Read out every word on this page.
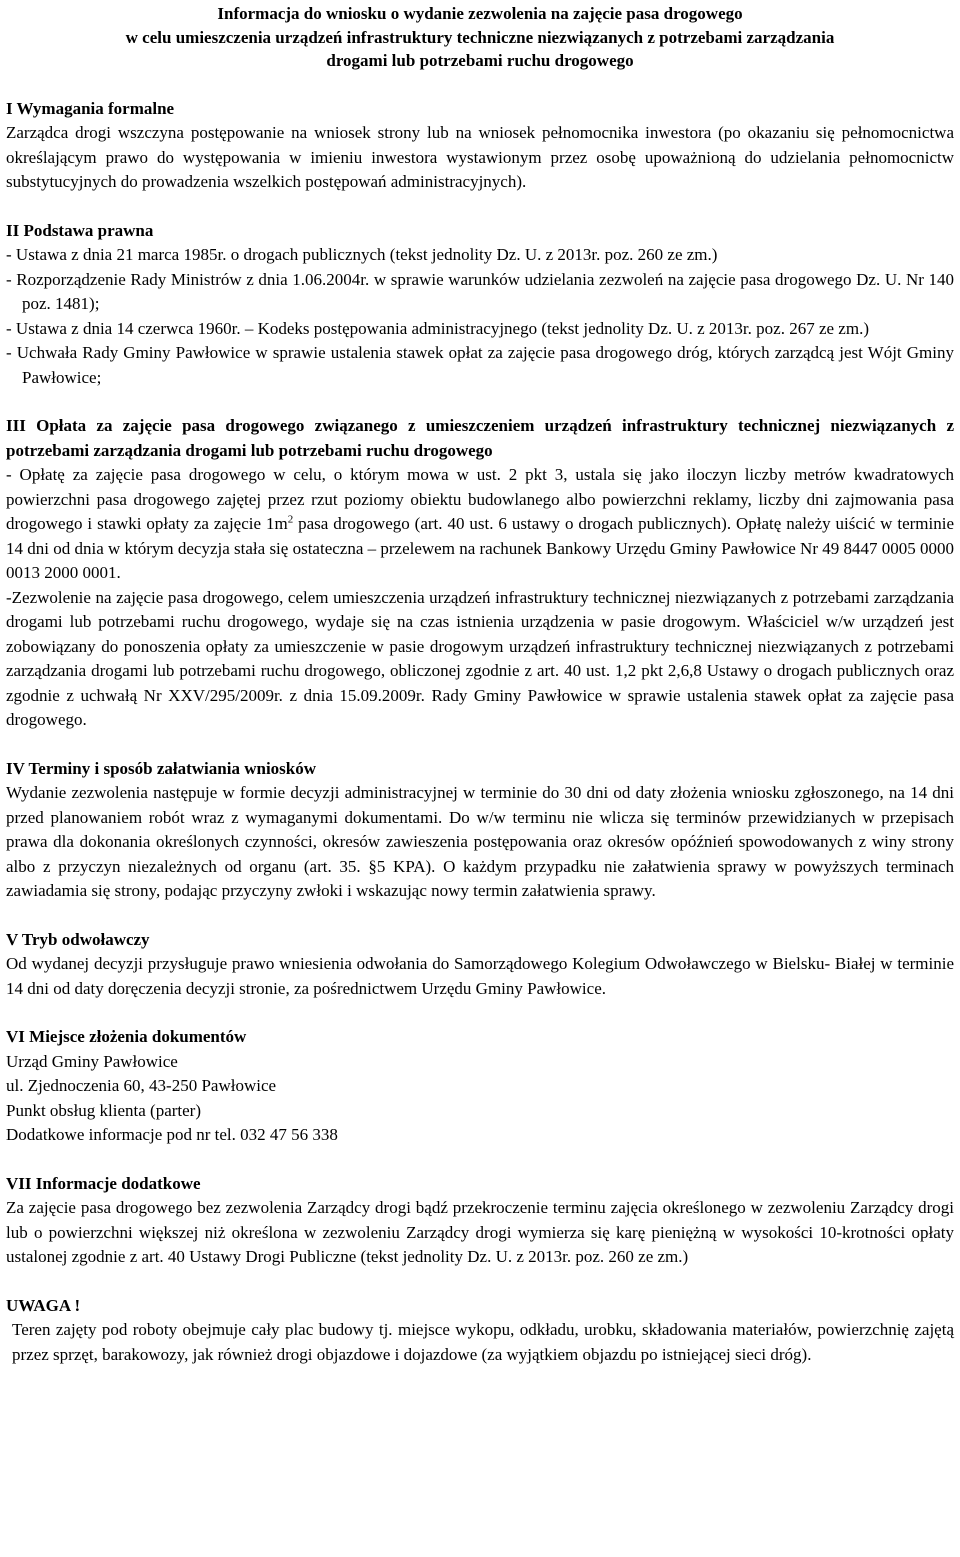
Informacja do wniosku o wydanie zezwolenia na zajęcie pasa drogowego
w celu umieszczenia urządzeń infrastruktury techniczne niezwiązanych z potrzebami zarządzania
drogami lub potrzebami ruchu drogowego
I Wymagania formalne
Zarządca drogi wszczyna postępowanie na wniosek strony lub na wniosek pełnomocnika inwestora (po okazaniu się pełnomocnictwa określającym prawo do występowania w imieniu inwestora wystawionym przez osobę upoważnioną do udzielania pełnomocnictw substytucyjnych do prowadzenia wszelkich postępowań administracyjnych).
II Podstawa prawna
- Ustawa z dnia 21 marca 1985r. o drogach publicznych (tekst jednolity Dz. U. z 2013r. poz. 260 ze zm.)
- Rozporządzenie Rady Ministrów z dnia 1.06.2004r. w sprawie warunków udzielania zezwoleń na zajęcie pasa drogowego Dz. U. Nr 140 poz. 1481);
- Ustawa z dnia 14 czerwca 1960r. – Kodeks postępowania administracyjnego (tekst jednolity Dz. U. z 2013r. poz. 267 ze zm.)
- Uchwała Rady Gminy Pawłowice w sprawie ustalenia stawek opłat za zajęcie pasa drogowego dróg, których zarządcą jest Wójt Gminy Pawłowice;
III Opłata za zajęcie pasa drogowego związanego z umieszczeniem urządzeń infrastruktury technicznej niezwiązanych z potrzebami zarządzania drogami lub potrzebami ruchu drogowego
- Opłatę za zajęcie pasa drogowego w celu, o którym mowa w ust. 2 pkt 3, ustala się jako iloczyn liczby metrów kwadratowych powierzchni pasa drogowego zajętej przez rzut poziomy obiektu budowlanego albo powierzchni reklamy, liczby dni zajmowania pasa drogowego i stawki opłaty za zajęcie $1m^2$ pasa drogowego (art. 40 ust. 6 ustawy o drogach publicznych). Opłatę należy uiścić w terminie 14 dni od dnia w którym decyzja stała się ostateczna – przelewem na rachunek Bankowy Urzędu Gminy Pawłowice Nr 49 8447 0005 0000 0013 2000 0001.
-Zezwolenie na zajęcie pasa drogowego, celem umieszczenia urządzeń infrastruktury technicznej niezwiązanych z potrzebami zarządzania drogami lub potrzebami ruchu drogowego, wydaje się na czas istnienia urządzenia w pasie drogowym. Właściciel w/w urządzeń jest zobowiązany do ponoszenia opłaty za umieszczenie w pasie drogowym urządzeń infrastruktury technicznej niezwiązanych z potrzebami zarządzania drogami lub potrzebami ruchu drogowego, obliczonej zgodnie z art. 40 ust. 1,2 pkt 2,6,8 Ustawy o drogach publicznych oraz zgodnie z uchwałą Nr XXV/295/2009r. z dnia 15.09.2009r. Rady Gminy Pawłowice w sprawie ustalenia stawek opłat za zajęcie pasa drogowego.
IV Terminy i sposób załatwiania wniosków
Wydanie zezwolenia następuje w formie decyzji administracyjnej w terminie do 30 dni od daty złożenia wniosku zgłoszonego, na 14 dni przed planowaniem robót wraz z wymaganymi dokumentami. Do w/w terminu nie wlicza się terminów przewidzianych w przepisach prawa dla dokonania określonych czynności, okresów zawieszenia postępowania oraz okresów opóźnień spowodowanych z winy strony albo z przyczyn niezależnych od organu (art. 35. §5 KPA). O każdym przypadku nie załatwienia sprawy w powyższych terminach zawiadamia się strony, podając przyczyny zwłoki i wskazując nowy termin załatwienia sprawy.
V Tryb odwoławczy
Od wydanej decyzji przysługuje prawo wniesienia odwołania do Samorządowego Kolegium Odwoławczego w Bielsku- Białej w terminie 14 dni od daty doręczenia decyzji stronie, za pośrednictwem Urzędu Gminy Pawłowice.
VI Miejsce złożenia dokumentów
Urząd Gminy Pawłowice
ul. Zjednoczenia 60, 43-250 Pawłowice
Punkt obsług klienta (parter)
Dodatkowe informacje pod nr tel. 032 47 56 338
VII Informacje dodatkowe
Za zajęcie pasa drogowego bez zezwolenia Zarządcy drogi bądź przekroczenie terminu zajęcia określonego w zezwoleniu Zarządcy drogi lub o powierzchni większej niż określona w zezwoleniu Zarządcy drogi wymierza się karę pieniężną w wysokości 10-krotności opłaty ustalonej zgodnie z art. 40 Ustawy Drogi Publiczne (tekst jednolity Dz. U. z 2013r. poz. 260 ze zm.)
UWAGA !
Teren zajęty pod roboty obejmuje cały plac budowy tj. miejsce wykopu, odkładu, urobku, składowania materiałów, powierzchnię zajętą przez sprzęt, barakowozy, jak również drogi objazdowe i dojazdowe (za wyjątkiem objazdu po istniejącej sieci dróg).
